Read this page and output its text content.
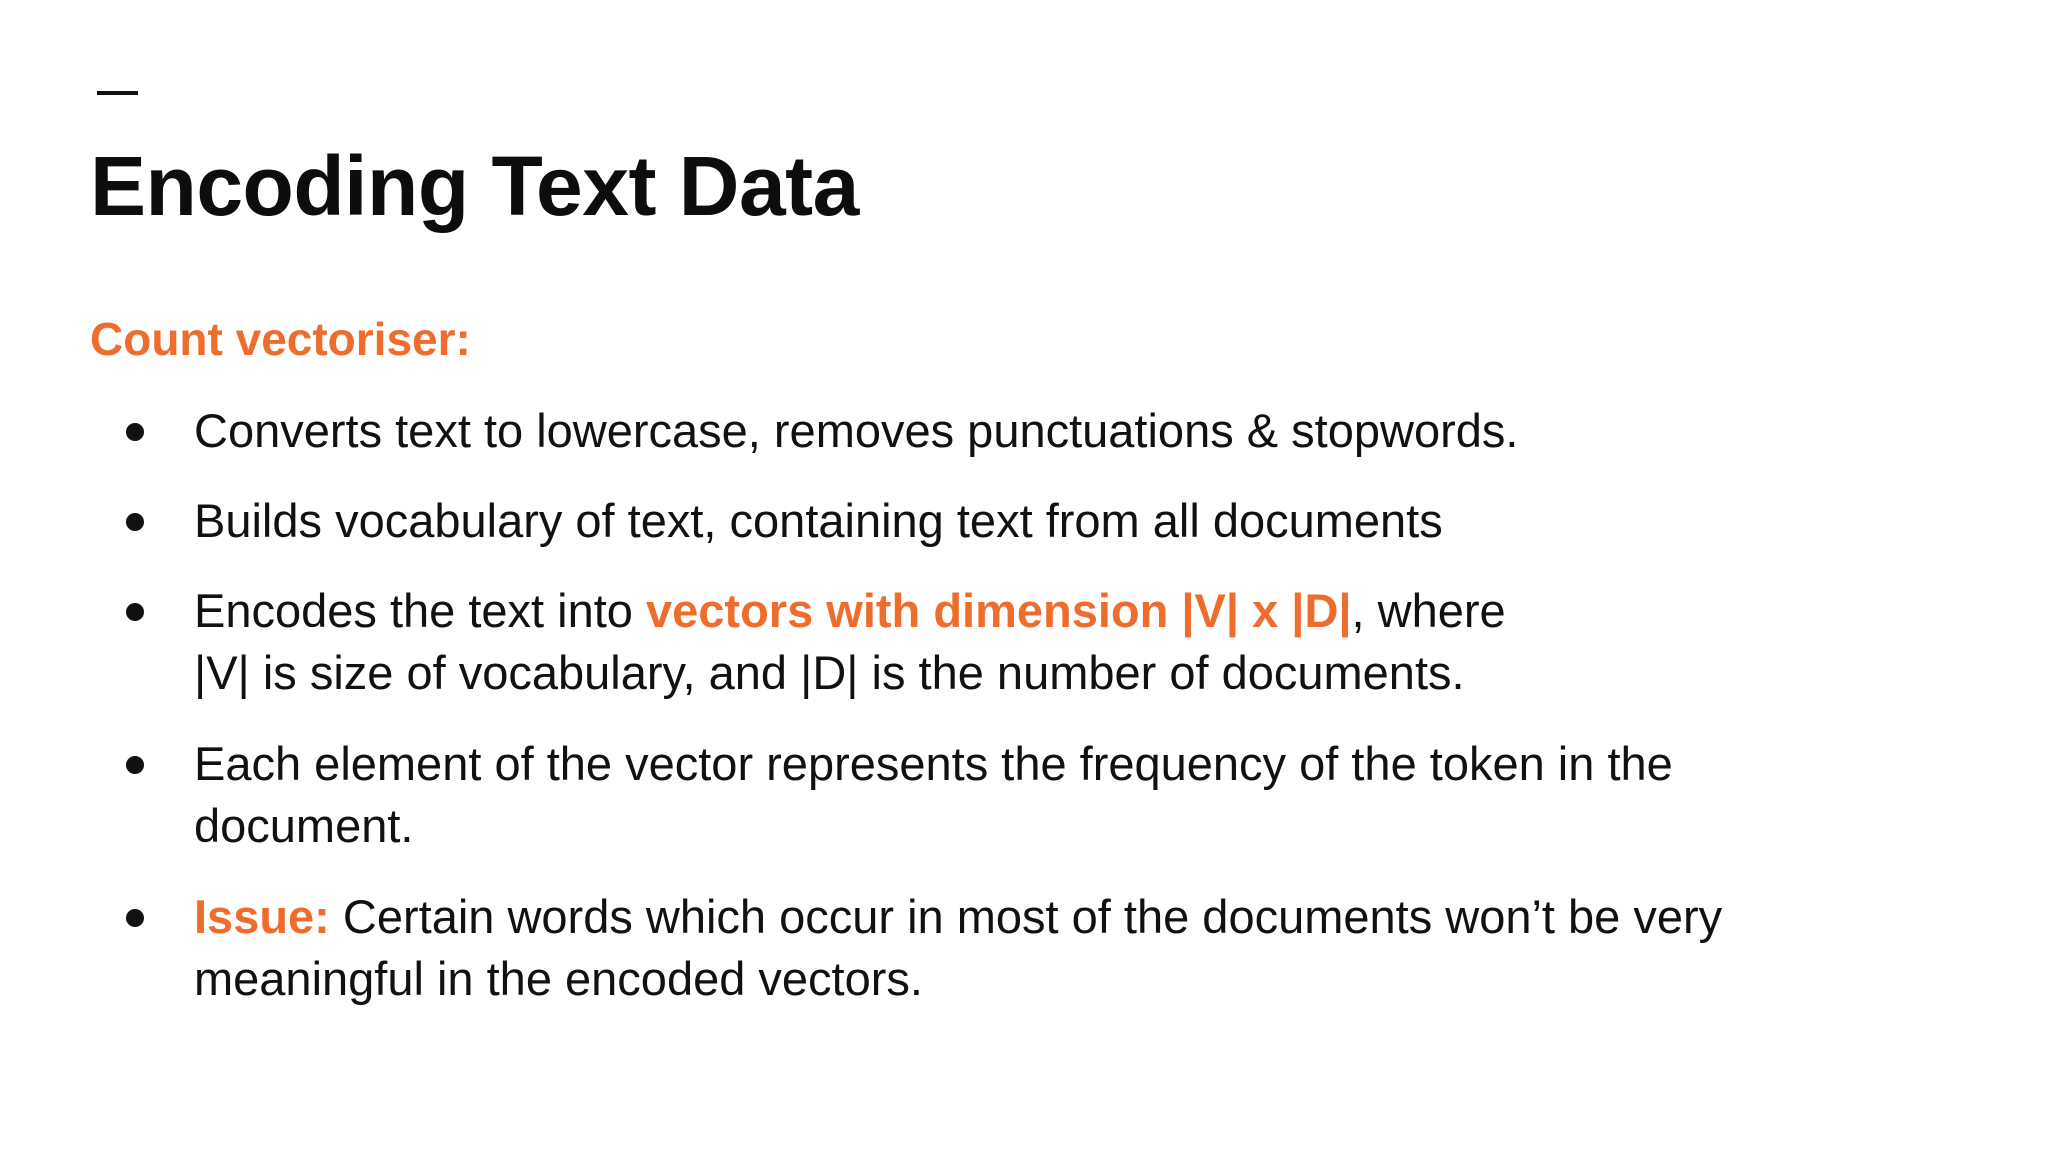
Encoding Text Data
Count vectoriser:

Converts text to lowercase, removes punctuations & stopwords.

Builds vocabulary of text, containing text from all documents

Encodes the text into vectors with dimension |V| x |D|, where
|V| is size of vocabulary, and |D| is the number of documents.

Each element of the vector represents the frequency of the token in the
document.

Issue: Certain words which occur in most of the documents won’t be very
meaningful in the encoded vectors.
